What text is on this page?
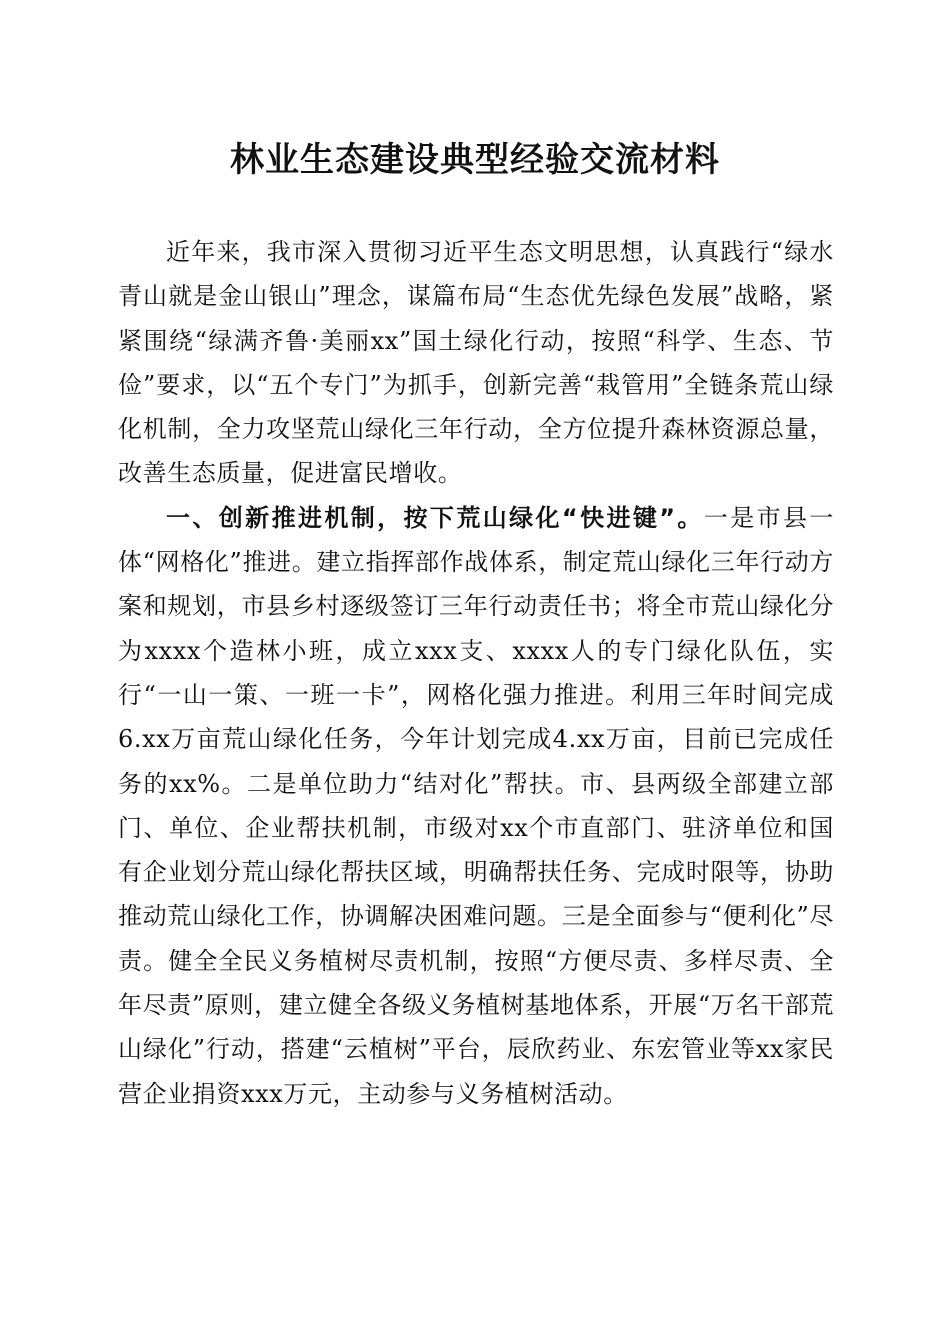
林业生态建设典型经验交流材料

近年来，我市深入贯彻习近平生态文明思想，认真践行“绿水青山就是金山银山”理念，谋篇布局“生态优先绿色发展”战略，紧紧围绕“绿满齐鲁·美丽xx”国土绿化行动，按照“科学、生态、节俭”要求，以“五个专门”为抓手，创新完善“栽管用”全链条荒山绿化机制，全力攻坚荒山绿化三年行动，全方位提升森林资源总量，改善生态质量，促进富民增收。

一、创新推进机制，按下荒山绿化“快进键”。一是市县一体“网格化”推进。建立指挥部作战体系，制定荒山绿化三年行动方案和规划，市县乡村逐级签订三年行动责任书；将全市荒山绿化分为xxxx个造林小班，成立xxx支、xxxx人的专门绿化队伍，实行“一山一策、一班一卡”，网格化强力推进。利用三年时间完成6.xx万亩荒山绿化任务，今年计划完成4.xx万亩，目前已完成任务的xx%。二是单位助力“结对化”帮扶。市、县两级全部建立部门、单位、企业帮扶机制，市级对xx个市直部门、驻济单位和国有企业划分荒山绿化帮扶区域，明确帮扶任务、完成时限等，协助推动荒山绿化工作，协调解决困难问题。三是全面参与“便利化”尽责。健全全民义务植树尽责机制，按照“方便尽责、多样尽责、全年尽责”原则，建立健全各级义务植树基地体系，开展“万名干部荒山绿化”行动，搭建“云植树”平台，辰欣药业、东宏管业等xx家民营企业捐资xxx万元，主动参与义务植树活动。
